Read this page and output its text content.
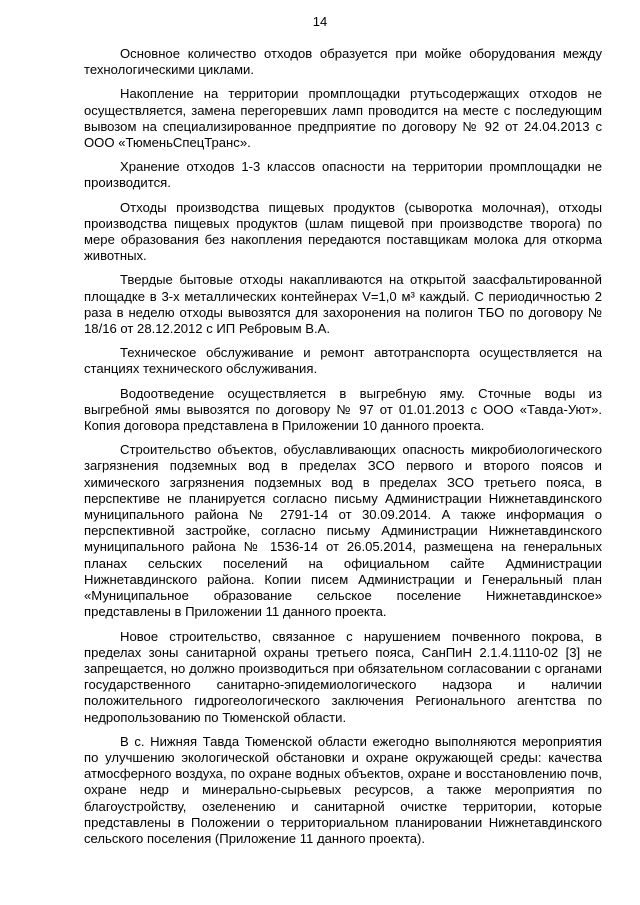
14

Основное количество отходов образуется при мойке оборудования между технологическими циклами.

Накопление на территории промплощадки ртутьсодержащих отходов не осуществляется, замена перегоревших ламп проводится на месте с последующим вывозом на специализированное предприятие по договору № 92 от 24.04.2013 с ООО «ТюменьСпецТранс».

Хранение отходов 1-3 классов опасности на территории промплощадки не производится.

Отходы производства пищевых продуктов (сыворотка молочная), отходы производства пищевых продуктов (шлам пищевой при производстве творога) по мере образования без накопления передаются поставщикам молока для откорма животных.

Твердые бытовые отходы накапливаются на открытой заасфальтированной площадке в 3-х металлических контейнерах V=1,0 м³ каждый. С периодичностью 2 раза в неделю отходы вывозятся для захоронения на полигон ТБО по договору № 18/16 от 28.12.2012 с ИП Ребровым В.А.

Техническое обслуживание и ремонт автотранспорта осуществляется на станциях технического обслуживания.

Водоотведение осуществляется в выгребную яму. Сточные воды из выгребной ямы вывозятся по договору № 97 от 01.01.2013 с ООО «Тавда-Уют». Копия договора представлена в Приложении 10 данного проекта.

Строительство объектов, обуславливающих опасность микробиологического загрязнения подземных вод в пределах ЗСО первого и второго поясов и химического загрязнения подземных вод в пределах ЗСО третьего пояса, в перспективе не планируется согласно письму Администрации Нижнетавдинского муниципального района № 2791-14 от 30.09.2014. А также информация о перспективной застройке, согласно письму Администрации Нижнетавдинского муниципального района № 1536-14 от 26.05.2014, размещена на генеральных планах сельских поселений на официальном сайте Администрации Нижнетавдинского района. Копии писем Администрации и Генеральный план «Муниципальное образование сельское поселение Нижнетавдинское» представлены в Приложении 11 данного проекта.

Новое строительство, связанное с нарушением почвенного покрова, в пределах зоны санитарной охраны третьего пояса, СанПиН 2.1.4.1110-02 [3] не запрещается, но должно производиться при обязательном согласовании с органами государственного санитарно-эпидемиологического надзора и наличии положительного гидрогеологического заключения Регионального агентства по недропользованию по Тюменской области.

В с. Нижняя Тавда Тюменской области ежегодно выполняются мероприятия по улучшению экологической обстановки и охране окружающей среды: качества атмосферного воздуха, по охране водных объектов, охране и восстановлению почв, охране недр и минерально-сырьевых ресурсов, а также мероприятия по благоустройству, озеленению и санитарной очистке территории, которые представлены в Положении о территориальном планировании Нижнетавдинского сельского поселения (Приложение 11 данного проекта).
